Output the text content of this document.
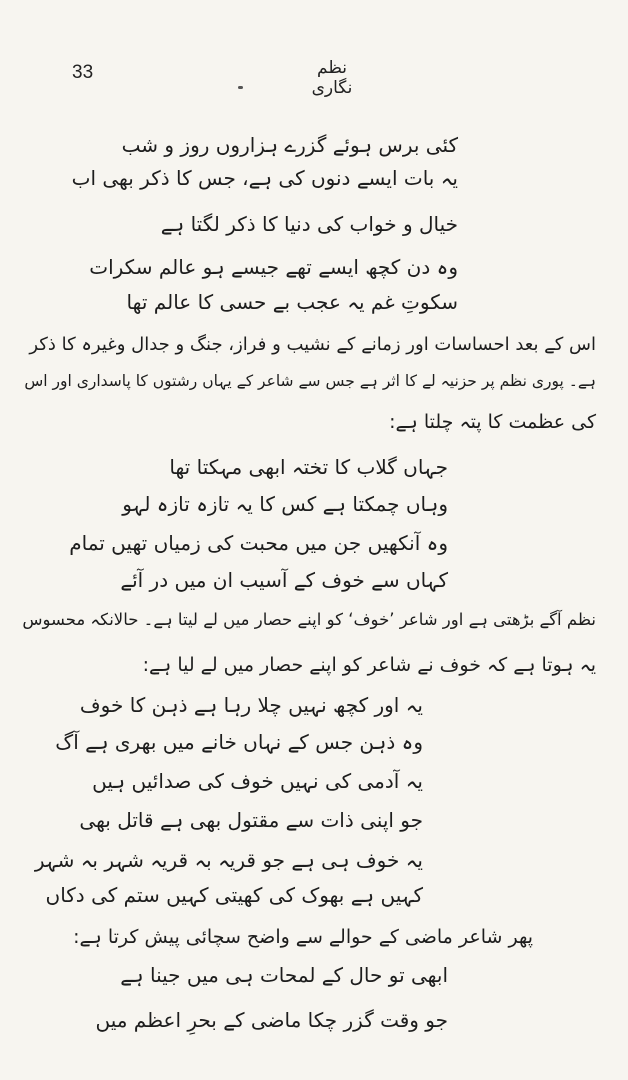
33	نظم نگاری
کئی برس ہوئے گزرے ہزاروں روز و شب
یہ بات ایسے دنوں کی ہے، جس کا ذکر بھی اب
خیال و خواب کی دنیا کا ذکر لگتا ہے
وہ دن کچھ ایسے تھے جیسے ہو عالم سکرات
سکوتِ غم یہ عجب بے حسی کا عالم تھا
اس کے بعد احساسات اور زمانے کے نشیب و فراز، جنگ و جدال وغیرہ کا ذکر
ہے۔ پوری نظم پر حزنیہ لے کا اثر ہے جس سے شاعر کے یہاں رشتوں کا پاسداری اور اس
کی عظمت کا پتہ چلتا ہے:
جہاں گلاب کا تختہ ابھی مہکتا تھا
وہاں چمکتا ہے کس کا یہ تازہ تازہ لہو
وہ آنکھیں جن میں محبت کی زمیاں تھیں تمام
کہاں سے خوف کے آسیب ان میں در آئے
نظم آگے بڑھتی ہے اور شاعر ’خوف‘ کو اپنے حصار میں لے لیتا ہے۔ حالانکہ محسوس
یہ ہوتا ہے کہ خوف نے شاعر کو اپنے حصار میں لے لیا ہے:
یہ اور کچھ نہیں چلا رہا ہے ذہن کا خوف
وہ ذہن جس کے نہاں خانے میں بھری ہے آگ
یہ آدمی کی نہیں خوف کی صدائیں ہیں
جو اپنی ذات سے مقتول بھی ہے قاتل بھی
یہ خوف ہی ہے جو قریہ بہ قریہ شہر بہ شہر
کہیں ہے بھوک کی کھیتی کہیں ستم کی دکاں
پھر شاعر ماضی کے حوالے سے واضح سچائی پیش کرتا ہے:
ابھی تو حال کے لمحات ہی میں جینا ہے
جو وقت گزر چکا ماضی کے بحرِ اعظم میں
